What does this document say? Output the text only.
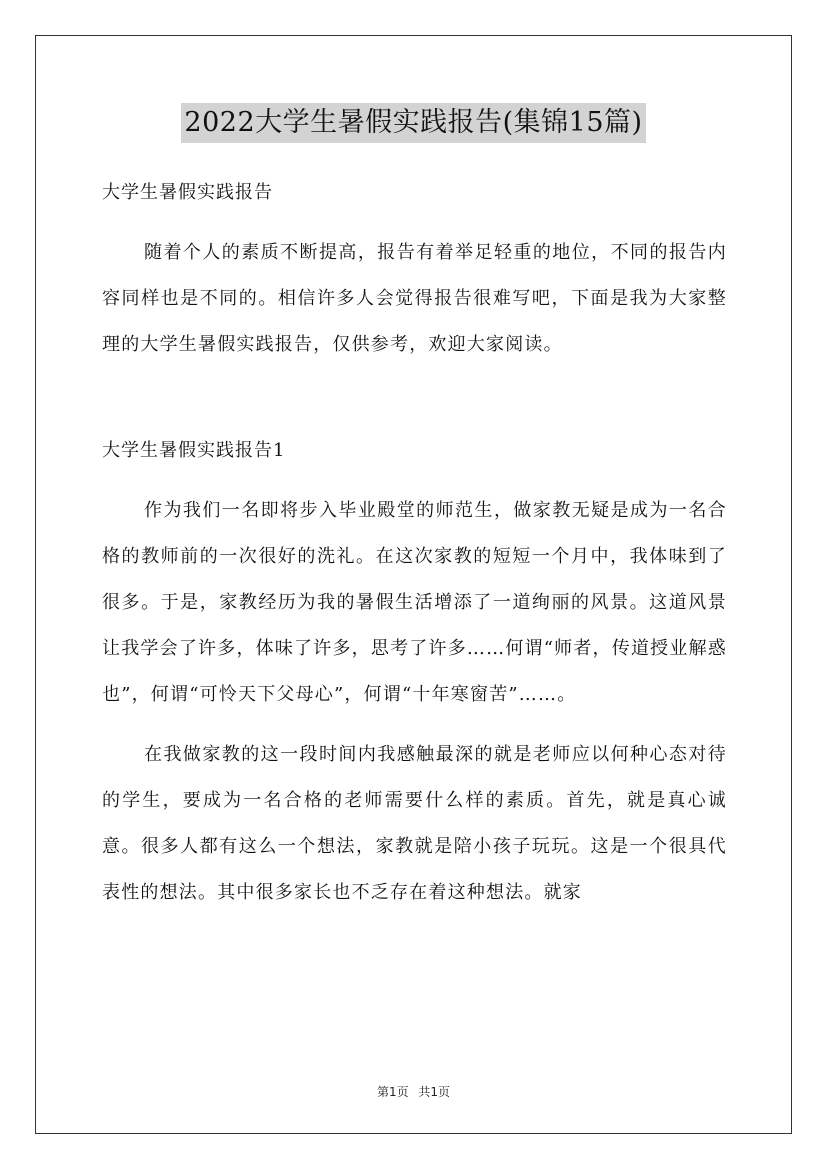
2022大学生暑假实践报告(集锦15篇)

大学生暑假实践报告

随着个人的素质不断提高，报告有着举足轻重的地位，不同的报告内容同样也是不同的。相信许多人会觉得报告很难写吧，下面是我为大家整理的大学生暑假实践报告，仅供参考，欢迎大家阅读。

大学生暑假实践报告1

作为我们一名即将步入毕业殿堂的师范生，做家教无疑是成为一名合格的教师前的一次很好的洗礼。在这次家教的短短一个月中，我体味到了很多。于是，家教经历为我的暑假生活增添了一道绚丽的风景。这道风景让我学会了许多，体味了许多，思考了许多……何谓“师者，传道授业解惑也”，何谓“可怜天下父母心”，何谓“十年寒窗苦”……。

在我做家教的这一段时间内我感触最深的就是老师应以何种心态对待的学生，要成为一名合格的老师需要什么样的素质。首先，就是真心诚意。很多人都有这么一个想法，家教就是陪小孩子玩玩。这是一个很具代表性的想法。其中很多家长也不乏存在着这种想法。就家

第1页 共1页
